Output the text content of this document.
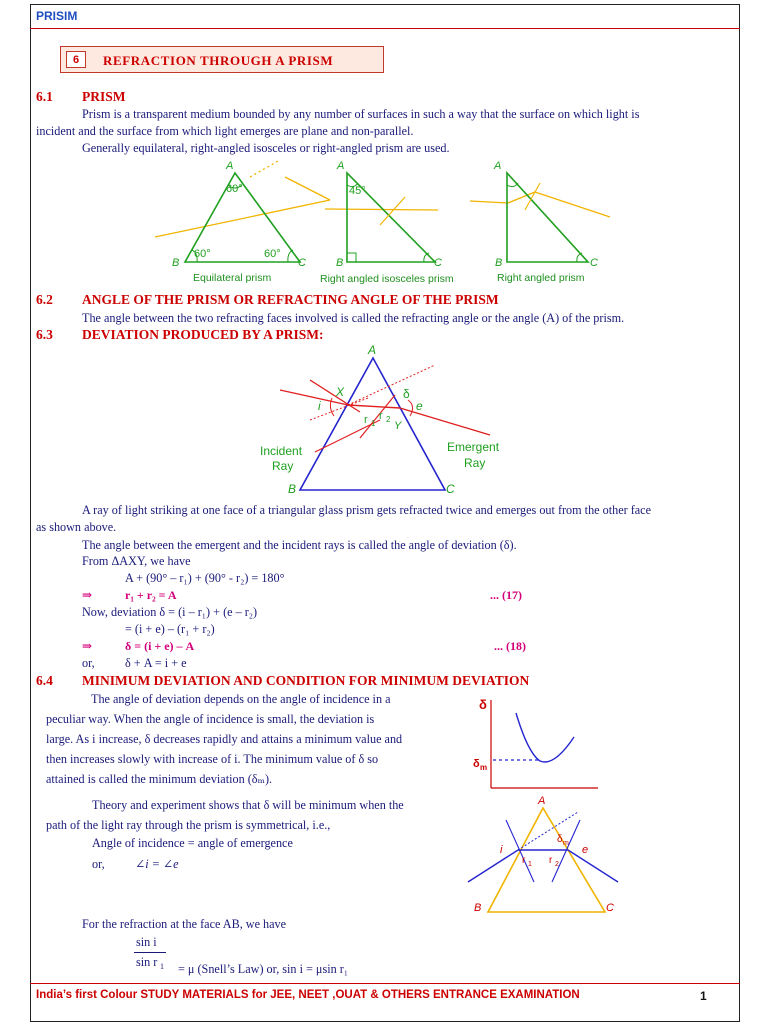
PRISIM
6	REFRACTION THROUGH A PRISM
6.1 PRISM
Prism is a transparent medium bounded by any number of surfaces in such a way that the surface on which light is
incident and the surface from which light emerges are plane and non-parallel.
Generally equilateral, right-angled isosceles or right-angled prism are used.
A
B	C
60°
60°	60°
A
B	C
45°
A
B	C
Equilateral prism	Right angled isosceles prism	Right angled prism
6.2 ANGLE OF THE PRISM OR REFRACTING ANGLE OF THE PRISM
The angle between the two refracting faces involved is called the refracting angle or the angle (A) of the prism.
6.3 DEVIATION PRODUCED BY A PRISM:
A
B	C
X
Y
i	e
δ
r 1
r 2
Incident
Ray
Emergent
Ray
A ray of light striking at one face of a triangular glass prism gets refracted twice and emerges out from the other face
as shown above.
The angle between the emergent and the incident rays is called the angle of deviation (δ).
From ΔAXY, we have
A + (90° – r₁) + (90° - r₂) = 180°
⇒	r₁ + r₂ = A	... (17)
Now, deviation δ = (i – r₁) + (e – r₂)
= (i + e) – (r₁ + r₂)
⇒	δ = (i + e) – A	... (18)
or, δ + A = i + e
6.4 MINIMUM DEVIATION AND CONDITION FOR MINIMUM DEVIATION
The angle of deviation depends on the angle of incidence in a
peculiar way. When the angle of incidence is small, the deviation is
large. As i increase, δ decreases rapidly and attains a minimum value and
then increases slowly with increase of i. The minimum value of δ so
attained is called the minimum deviation (δₘ).
δ
δ m
Theory and experiment shows that δ will be minimum when the
path of the light ray through the prism is symmetrical, i.e.,
Angle of incidence = angle of emergence
or, ∠i = ∠e
A
B	C
i	e
δ m
r 1 r 2
For the refraction at the face AB, we have
sin i
sin r 1 = μ (Snell’s Law) or, sin i = μsin r₁
India’s first Colour STUDY MATERIALS for JEE, NEET ,OUAT & OTHERS ENTRANCE EXAMINATION	1
